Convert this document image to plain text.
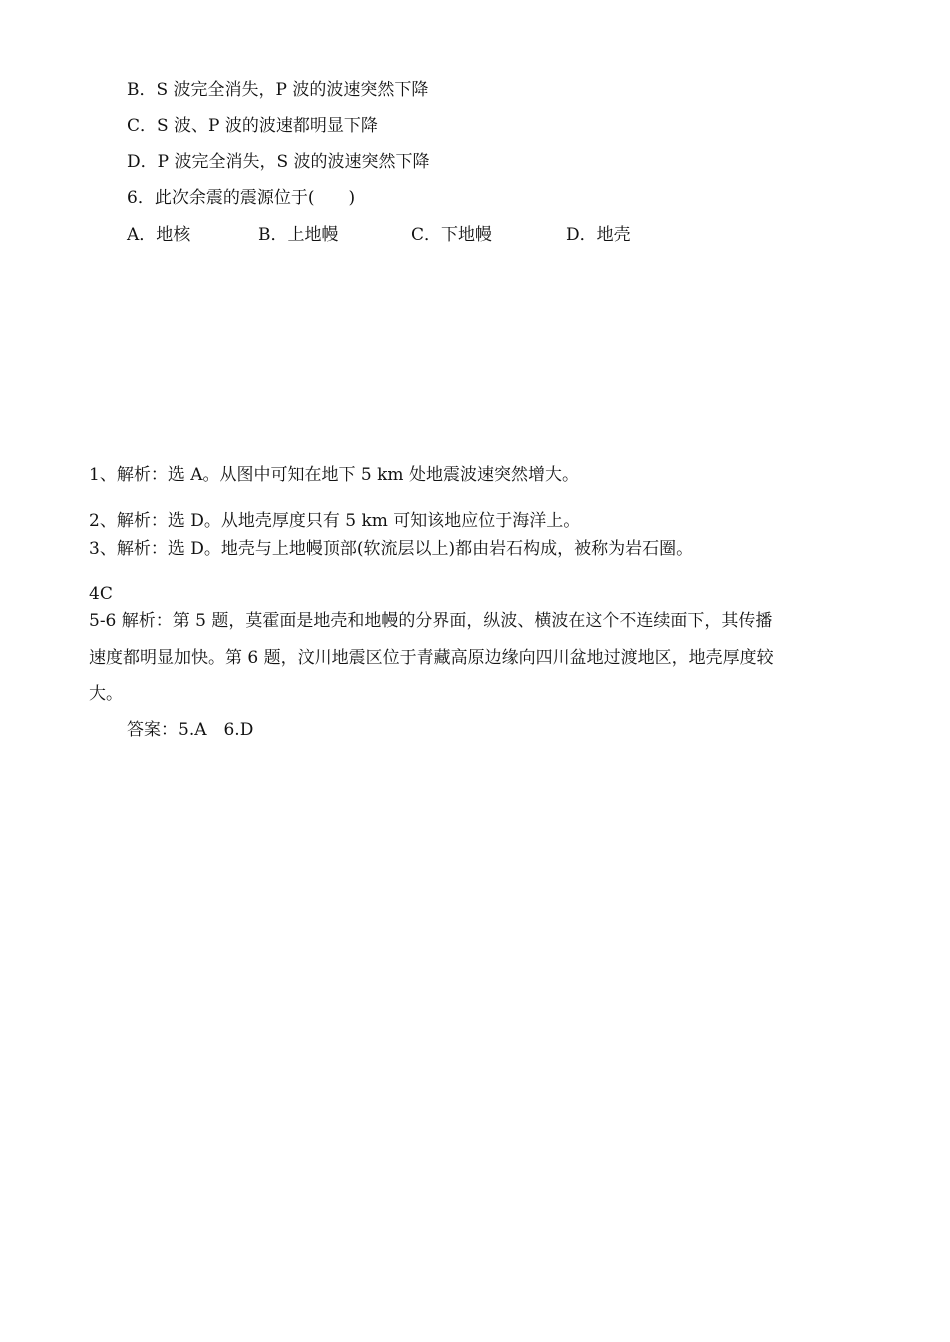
B．S 波完全消失，P 波的波速突然下降
C．S 波、P 波的波速都明显下降
D．P 波完全消失，S 波的波速突然下降
6．此次余震的震源位于(　　)
A．地核	B．上地幔	C．下地幔	D．地壳
1、解析：选 A。从图中可知在地下 5 km 处地震波速突然增大。
2、解析：选 D。从地壳厚度只有 5 km 可知该地应位于海洋上。
3、解析：选 D。地壳与上地幔顶部(软流层以上)都由岩石构成，被称为岩石圈。
4C
5-6 解析：第 5 题，莫霍面是地壳和地幔的分界面，纵波、横波在这个不连续面下，其传播
速度都明显加快。第 6 题，汶川地震区位于青藏高原边缘向四川盆地过渡地区，地壳厚度较
大。
答案：5.A　6.D
